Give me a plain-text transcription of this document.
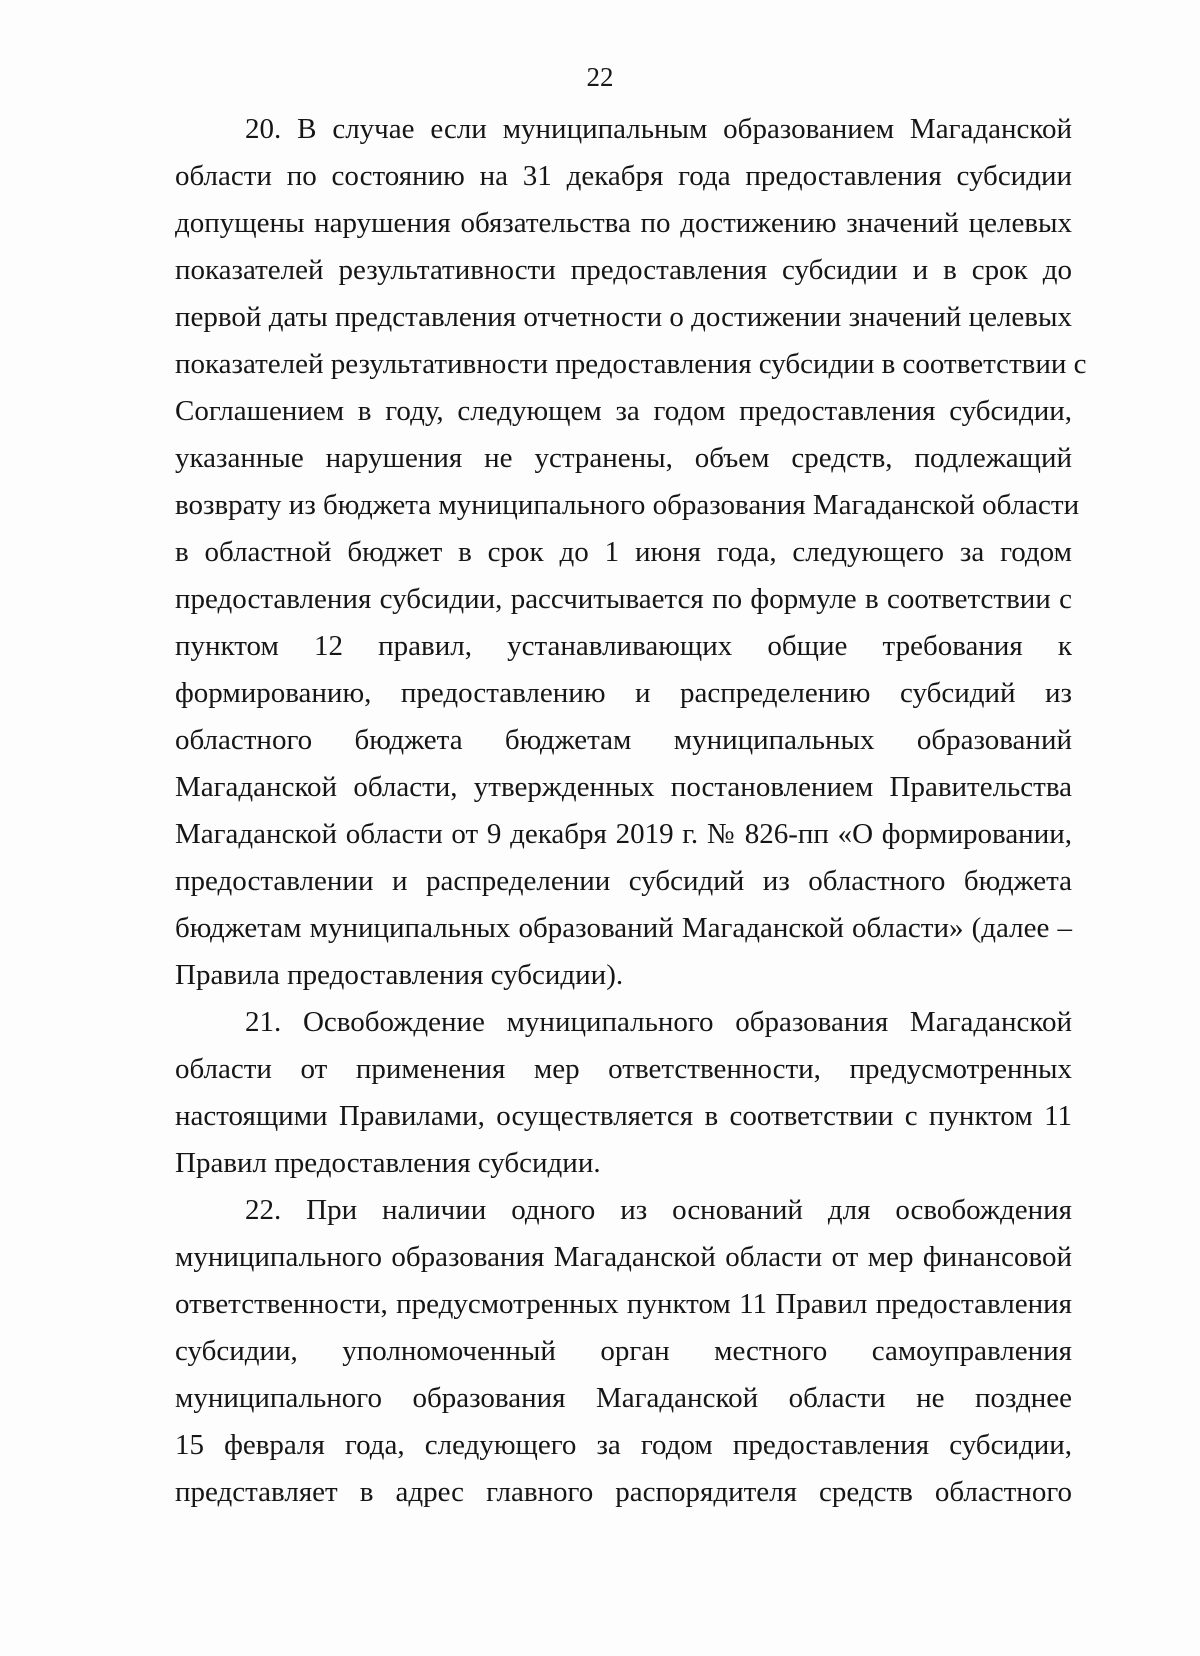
22
20. В случае если муниципальным образованием Магаданской
области по состоянию на 31 декабря года предоставления субсидии
допущены нарушения обязательства по достижению значений целевых
показателей результативности предоставления субсидии и в срок до
первой даты представления отчетности о достижении значений целевых
показателей результативности предоставления субсидии в соответствии с
Соглашением в году, следующем за годом предоставления субсидии,
указанные нарушения не устранены, объем средств, подлежащий
возврату из бюджета муниципального образования Магаданской области
в областной бюджет в срок до 1 июня года, следующего за годом
предоставления субсидии, рассчитывается по формуле в соответствии с
пунктом 12 правил, устанавливающих общие требования к
формированию, предоставлению и распределению субсидий из
областного бюджета бюджетам муниципальных образований
Магаданской области, утвержденных постановлением Правительства
Магаданской области от 9 декабря 2019 г. № 826-пп «О формировании,
предоставлении и распределении субсидий из областного бюджета
бюджетам муниципальных образований Магаданской области» (далее –
Правила предоставления субсидии).
21. Освобождение муниципального образования Магаданской
области от применения мер ответственности, предусмотренных
настоящими Правилами, осуществляется в соответствии с пунктом 11
Правил предоставления субсидии.
22. При наличии одного из оснований для освобождения
муниципального образования Магаданской области от мер финансовой
ответственности, предусмотренных пунктом 11 Правил предоставления
субсидии, уполномоченный орган местного самоуправления
муниципального образования Магаданской области не позднее
15 февраля года, следующего за годом предоставления субсидии,
представляет в адрес главного распорядителя средств областного
